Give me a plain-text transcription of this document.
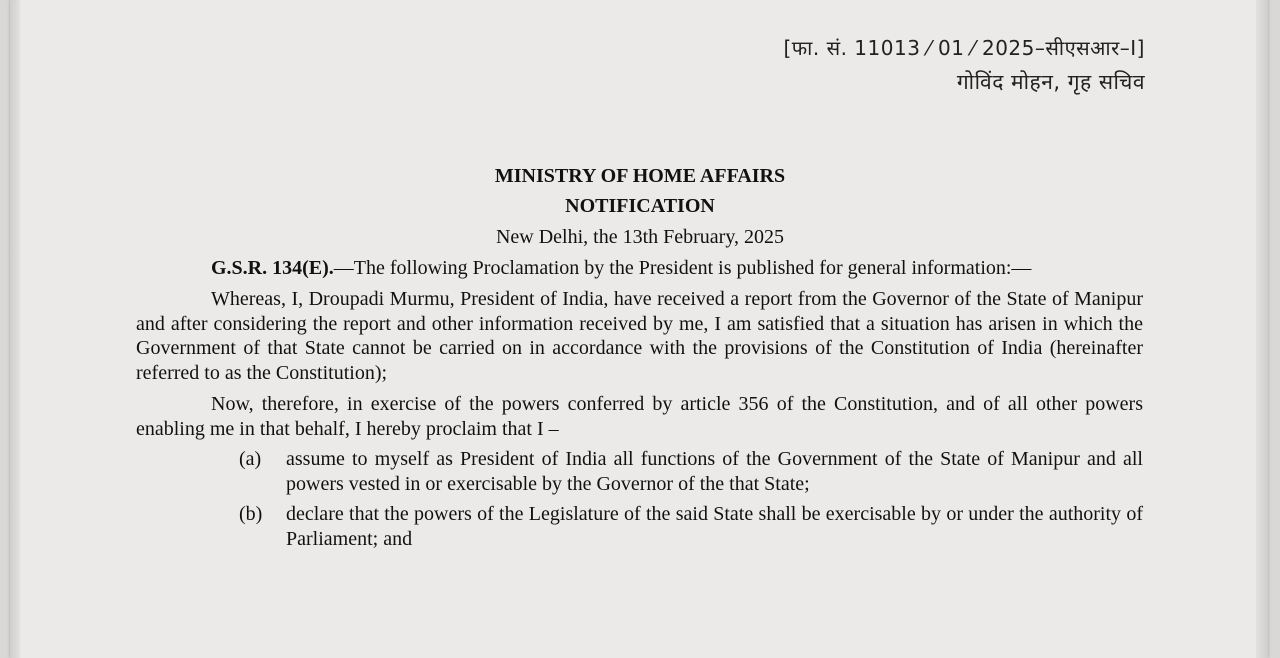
[फा. सं. 11013 ⁄ 01 ⁄ 2025–सीएसआर–I]
गोविंद मोहन, गृह सचिव
MINISTRY OF HOME AFFAIRS
NOTIFICATION
New Delhi, the 13th February, 2025
G.S.R. 134(E).—The following Proclamation by the President is published for general information:—
Whereas, I, Droupadi Murmu, President of India, have received a report from the Governor of the State of Manipur and after considering the report and other information received by me, I am satisfied that a situation has arisen in which the Government of that State cannot be carried on in accordance with the provisions of the Constitution of India (hereinafter referred to as the Constitution);
Now, therefore, in exercise of the powers conferred by article 356 of the Constitution, and of all other powers enabling me in that behalf, I hereby proclaim that I –
(a) assume to myself as President of India all functions of the Government of the State of Manipur and all powers vested in or exercisable by the Governor of the that State;
(b) declare that the powers of the Legislature of the said State shall be exercisable by or under the authority of Parliament; and
